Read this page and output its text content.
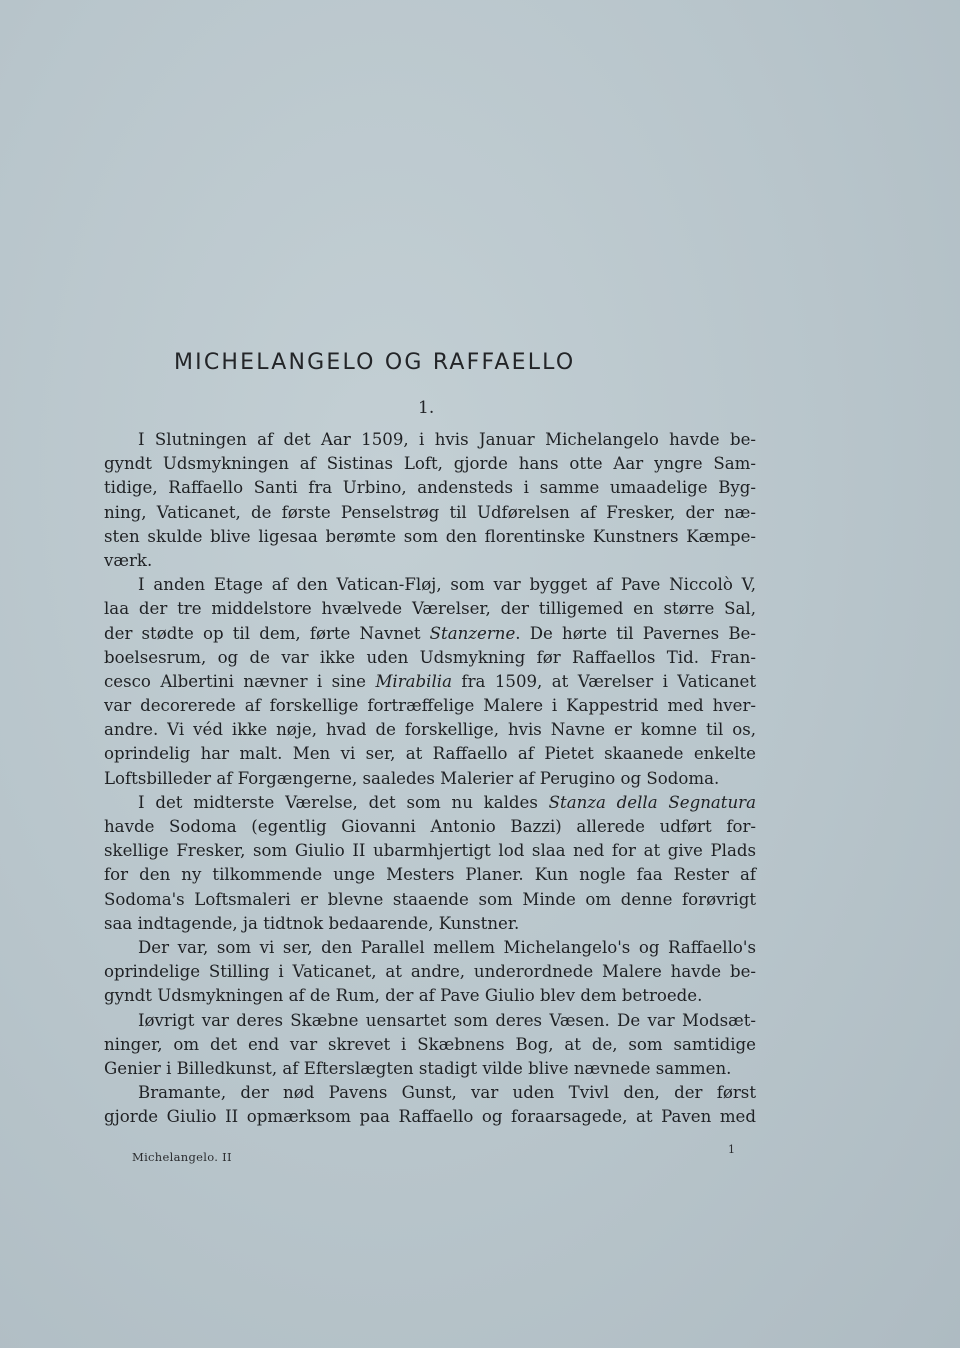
MICHELANGELO OG RAFFAELLO
1.
I Slutningen af det Aar 1509, i hvis Januar Michelangelo havde be-
gyndt Udsmykningen af Sistinas Loft, gjorde hans otte Aar yngre Sam-
tidige, Raffaello Santi fra Urbino, andensteds i samme umaadelige Byg-
ning, Vaticanet, de første Penselstrøg til Udførelsen af Fresker, der næ-
sten skulde blive ligesaa berømte som den florentinske Kunstners Kæmpe-
værk.
I anden Etage af den Vatican-Fløj, som var bygget af Pave Niccolò V,
laa der tre middelstore hvælvede Værelser, der tilligemed en større Sal,
der stødte op til dem, førte Navnet Stanzerne. De hørte til Pavernes Be-
boelsesrum, og de var ikke uden Udsmykning før Raffaellos Tid. Fran-
cesco Albertini nævner i sine Mirabilia fra 1509, at Værelser i Vaticanet
var decorerede af forskellige fortræffelige Malere i Kappestrid med hver-
andre. Vi véd ikke nøje, hvad de forskellige, hvis Navne er komne til os,
oprindelig har malt. Men vi ser, at Raffaello af Pietet skaanede enkelte
Loftsbilleder af Forgængerne, saaledes Malerier af Perugino og Sodoma.
I det midterste Værelse, det som nu kaldes Stanza della Segnatura
havde Sodoma (egentlig Giovanni Antonio Bazzi) allerede udført for-
skellige Fresker, som Giulio II ubarmhjertigt lod slaa ned for at give Plads
for den ny tilkommende unge Mesters Planer. Kun nogle faa Rester af
Sodoma's Loftsmaleri er blevne staaende som Minde om denne forøvrigt
saa indtagende, ja tidtnok bedaarende, Kunstner.
Der var, som vi ser, den Parallel mellem Michelangelo's og Raffaello's
oprindelige Stilling i Vaticanet, at andre, underordnede Malere havde be-
gyndt Udsmykningen af de Rum, der af Pave Giulio blev dem betroede.
Iøvrigt var deres Skæbne uensartet som deres Væsen. De var Modsæt-
ninger, om det end var skrevet i Skæbnens Bog, at de, som samtidige
Genier i Billedkunst, af Efterslægten stadigt vilde blive nævnede sammen.
Bramante, der nød Pavens Gunst, var uden Tvivl den, der først
gjorde Giulio II opmærksom paa Raffaello og foraarsagede, at Paven med
Michelangelo. II
1
